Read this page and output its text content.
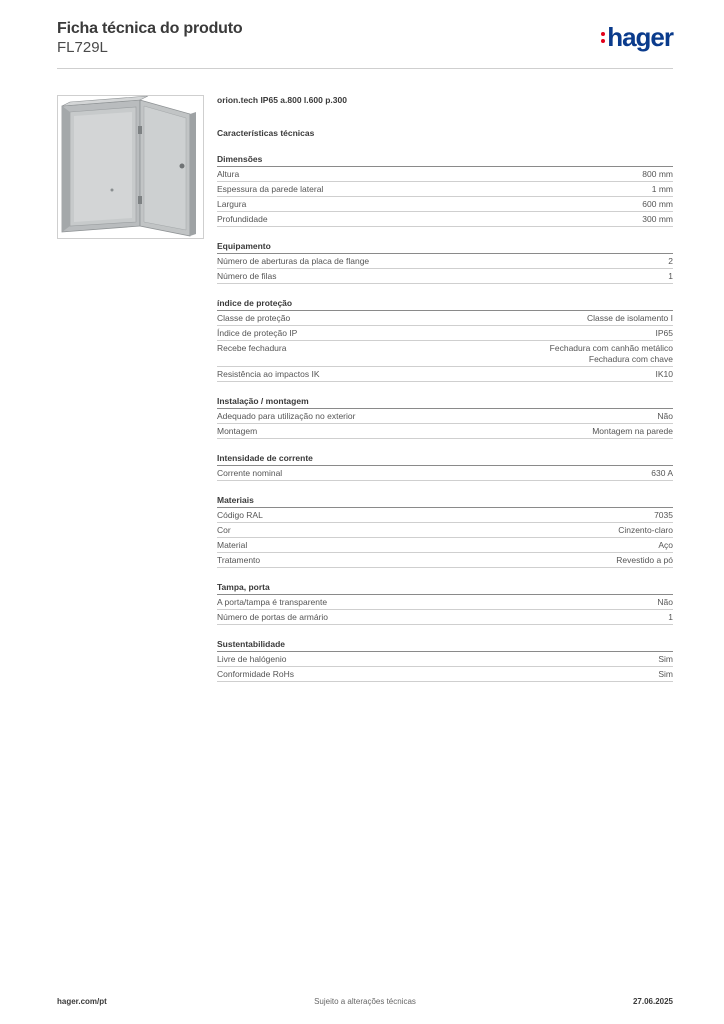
Ficha técnica do produto
FL729L	hager
orion.tech IP65 a.800 l.600 p.300
Características técnicas
Dimensões
Altura	800 mm
Espessura da parede lateral	1 mm
Largura	600 mm
Profundidade	300 mm
Equipamento
Número de aberturas da placa de flange	2
Número de filas	1
índice de proteção
Classe de proteção	Classe de isolamento I
Índice de proteção IP	IP65
Recebe fechadura	Fechadura com canhão metálico
Fechadura com chave
Resistência ao impactos IK	IK10
Instalação / montagem
Adequado para utilização no exterior	Não
Montagem	Montagem na parede
Intensidade de corrente
Corrente nominal	630 A
Materiais
Código RAL	7035
Cor	Cinzento-claro
Material	Aço
Tratamento	Revestido a pó
Tampa, porta
A porta/tampa é transparente	Não
Número de portas de armário	1
Sustentabilidade
Livre de halógenio	Sim
Conformidade RoHs	Sim
hager.com/pt	Sujeito a alterações técnicas	27.06.2025
